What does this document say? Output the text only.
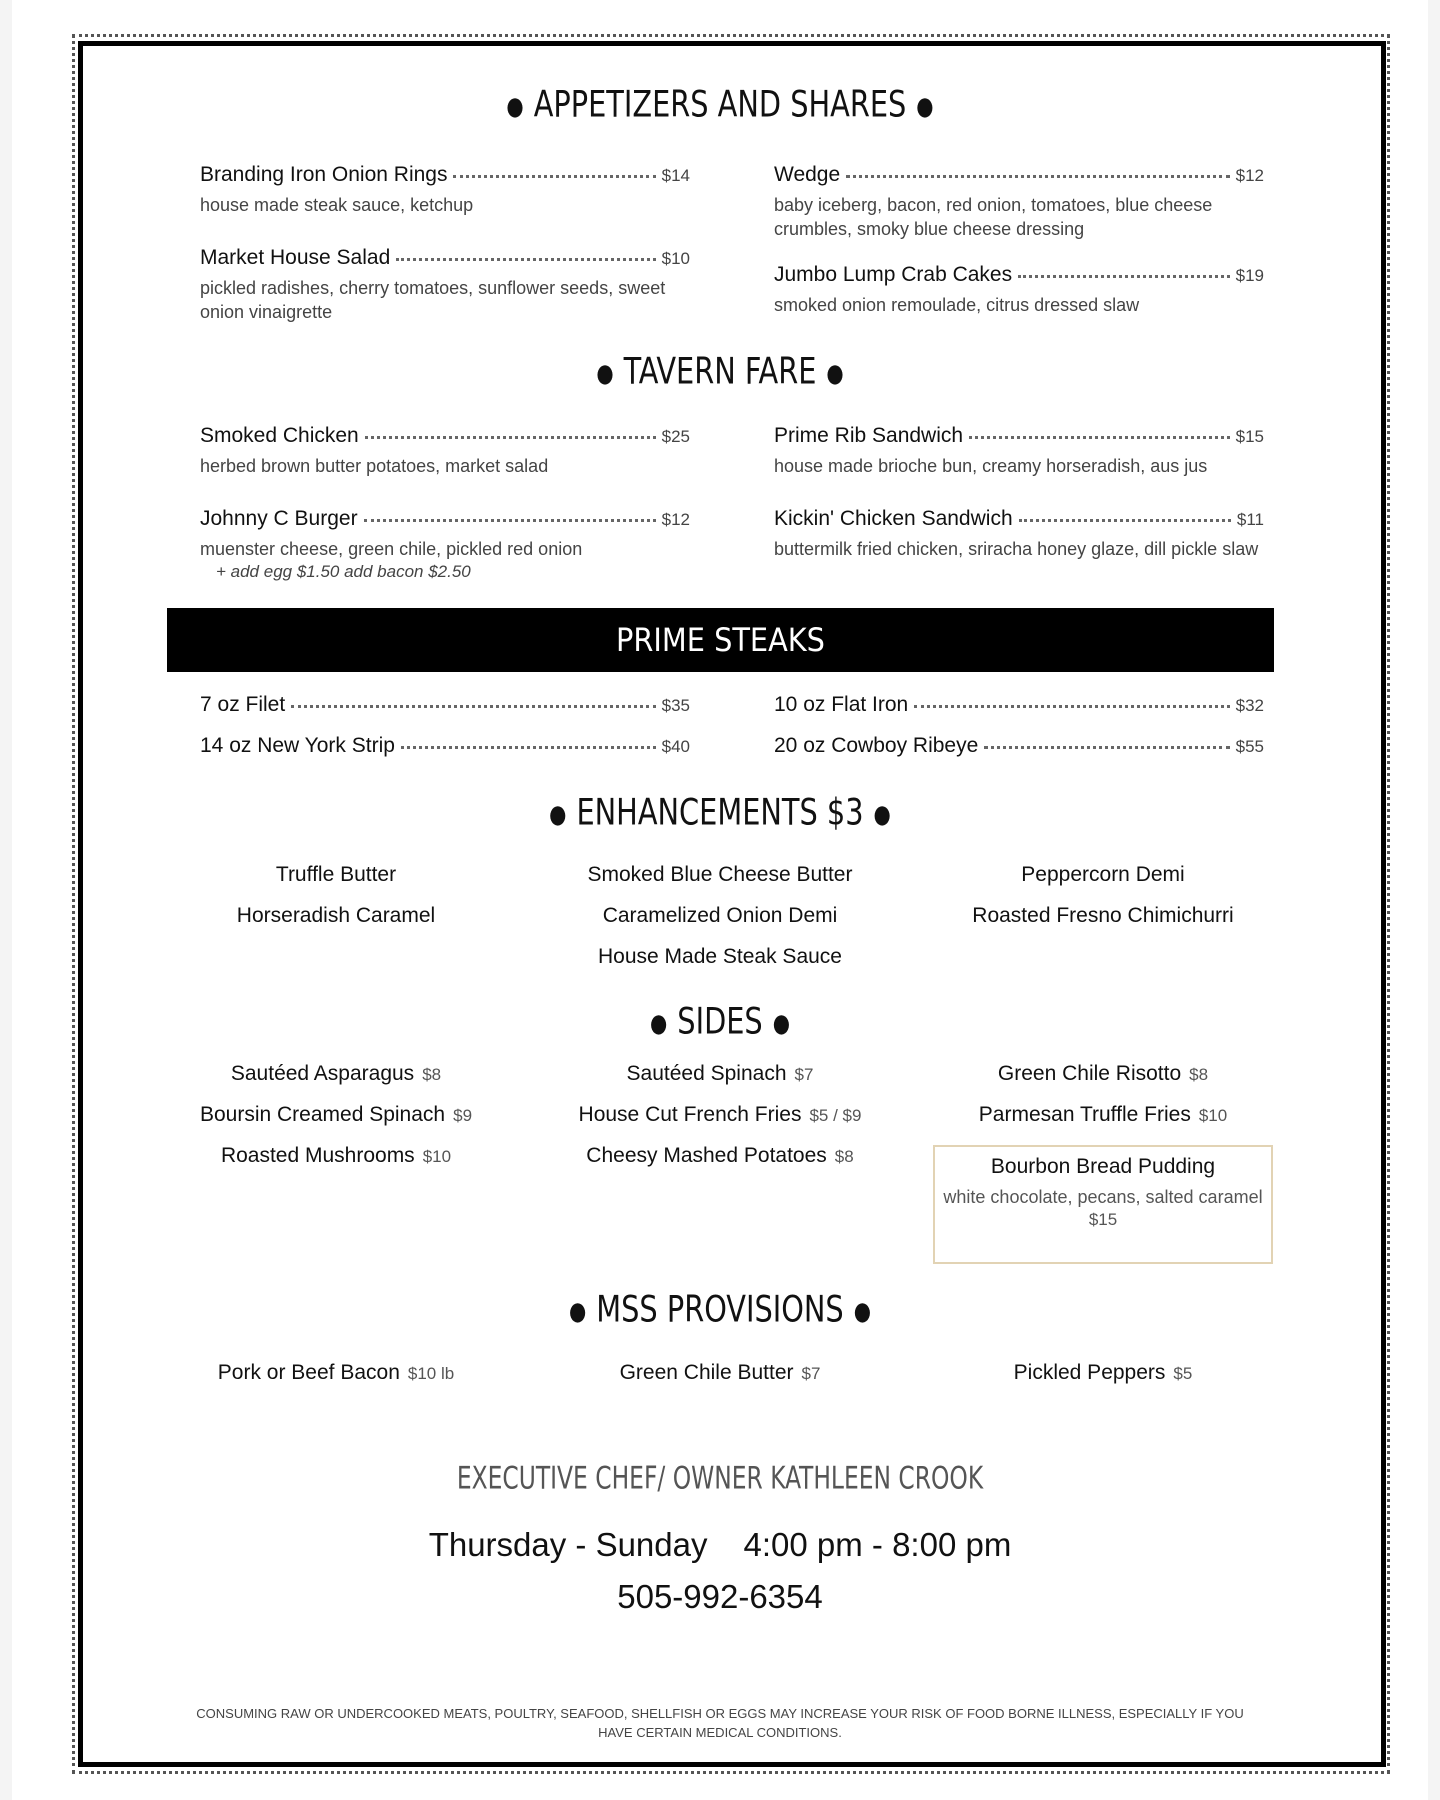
● APPETIZERS AND SHARES ●
Branding Iron Onion Rings	$14
house made steak sauce, ketchup
Market House Salad	$10
pickled radishes, cherry tomatoes, sunflower seeds, sweet onion vinaigrette
Wedge	$12
baby iceberg, bacon, red onion, tomatoes, blue cheese crumbles, smoky blue cheese dressing
Jumbo Lump Crab Cakes	$19
smoked onion remoulade, citrus dressed slaw
● TAVERN FARE ●
Smoked Chicken	$25
herbed brown butter potatoes, market salad
Johnny C Burger	$12
muenster cheese, green chile, pickled red onion
+ add egg $1.50 add bacon $2.50
Prime Rib Sandwich	$15
house made brioche bun, creamy horseradish, aus jus
Kickin' Chicken Sandwich	$11
buttermilk fried chicken, sriracha honey glaze, dill pickle slaw
PRIME STEAKS
7 oz Filet	$35
14 oz New York Strip	$40
10 oz Flat Iron	$32
20 oz Cowboy Ribeye	$55
● ENHANCEMENTS $3 ●
Truffle Butter
Horseradish Caramel
Smoked Blue Cheese Butter
Caramelized Onion Demi
House Made Steak Sauce
Peppercorn Demi
Roasted Fresno Chimichurri
● SIDES ●
Sautéed Asparagus $8
Boursin Creamed Spinach $9
Roasted Mushrooms $10
Sautéed Spinach $7
House Cut French Fries $5 / $9
Cheesy Mashed Potatoes $8
Green Chile Risotto $8
Parmesan Truffle Fries $10
Bourbon Bread Pudding
white chocolate, pecans, salted caramel
$15
● MSS PROVISIONS ●
Pork or Beef Bacon $10 lb	Green Chile Butter $7	Pickled Peppers $5
EXECUTIVE CHEF/ OWNER KATHLEEN CROOK
Thursday - Sunday 4:00 pm - 8:00 pm
505-992-6354
CONSUMING RAW OR UNDERCOOKED MEATS, POULTRY, SEAFOOD, SHELLFISH OR EGGS MAY INCREASE YOUR RISK OF FOOD BORNE ILLNESS, ESPECIALLY IF YOU HAVE CERTAIN MEDICAL CONDITIONS.
